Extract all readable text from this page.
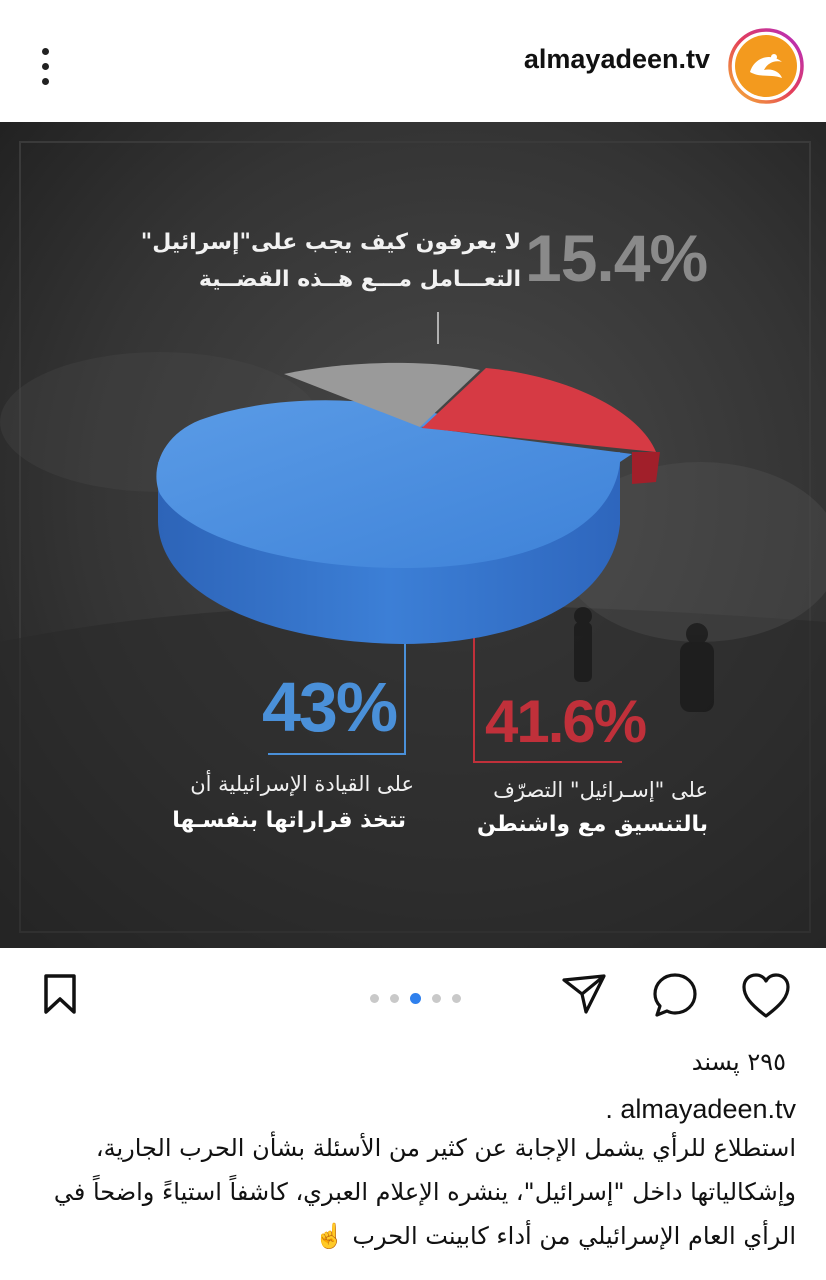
almayadeen.tv
15.4%
لا يعرفون كيف يجب على"إسرائيل"
التعـــامل مـــع هــذه القضــية
43%
على القيادة الإسرائيلية أن
تتخذ قراراتها بنفسـها
41.6%
على "إسـرائيل" التصرّف
بالتنسيق مع واشنطن

٢٩٥ پسند
almayadeen.tv .

استطلاع للرأي يشمل الإجابة عن كثير من الأسئلة بشأن الحرب الجارية،

وإشكالياتها داخل "إسرائيل"، ينشره الإعلام العبري، كاشفاً استياءً واضحاً في

الرأي العام الإسرائيلي من أداء كابينت الحرب ☝️
